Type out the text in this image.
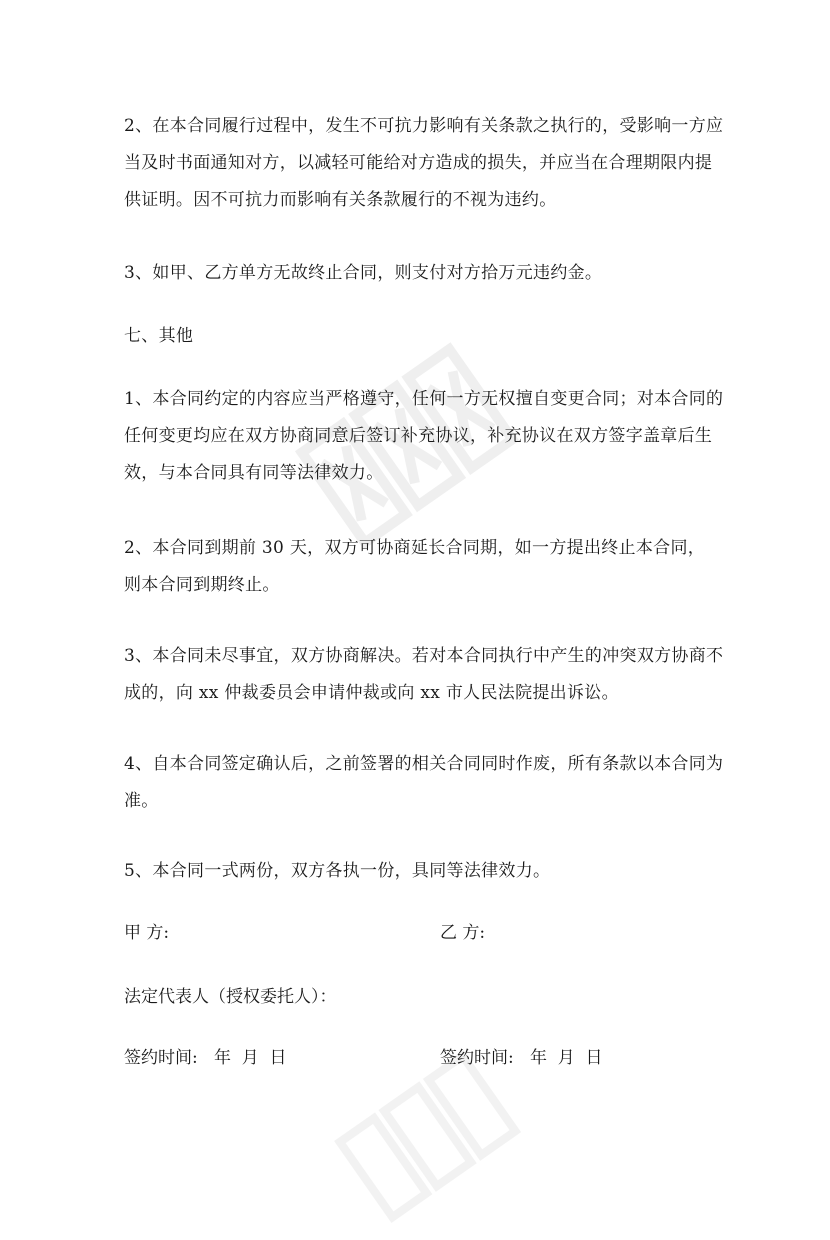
2、在本合同履行过程中，发生不可抗力影响有关条款之执行的，受影响一方应
当及时书面通知对方，以减轻可能给对方造成的损失，并应当在合理期限内提
供证明。因不可抗力而影响有关条款履行的不视为违约。
3、如甲、乙方单方无故终止合同，则支付对方拾万元违约金。
七、其他
1、本合同约定的内容应当严格遵守，任何一方无权擅自变更合同；对本合同的
任何变更均应在双方协商同意后签订补充协议，补充协议在双方签字盖章后生
效，与本合同具有同等法律效力。
2、本合同到期前 30 天，双方可协商延长合同期，如一方提出终止本合同，
则本合同到期终止。
3、本合同未尽事宜，双方协商解决。若对本合同执行中产生的冲突双方协商不
成的，向 xx 仲裁委员会申请仲裁或向 xx 市人民法院提出诉讼。
4、自本合同签定确认后，之前签署的相关合同同时作废，所有条款以本合同为
准。
5、本合同一式两份，双方各执一份，具同等法律效力。
甲 方:	乙 方:
法定代表人（授权委托人）：
签约时间:   年  月  日	签约时间:   年  月  日
